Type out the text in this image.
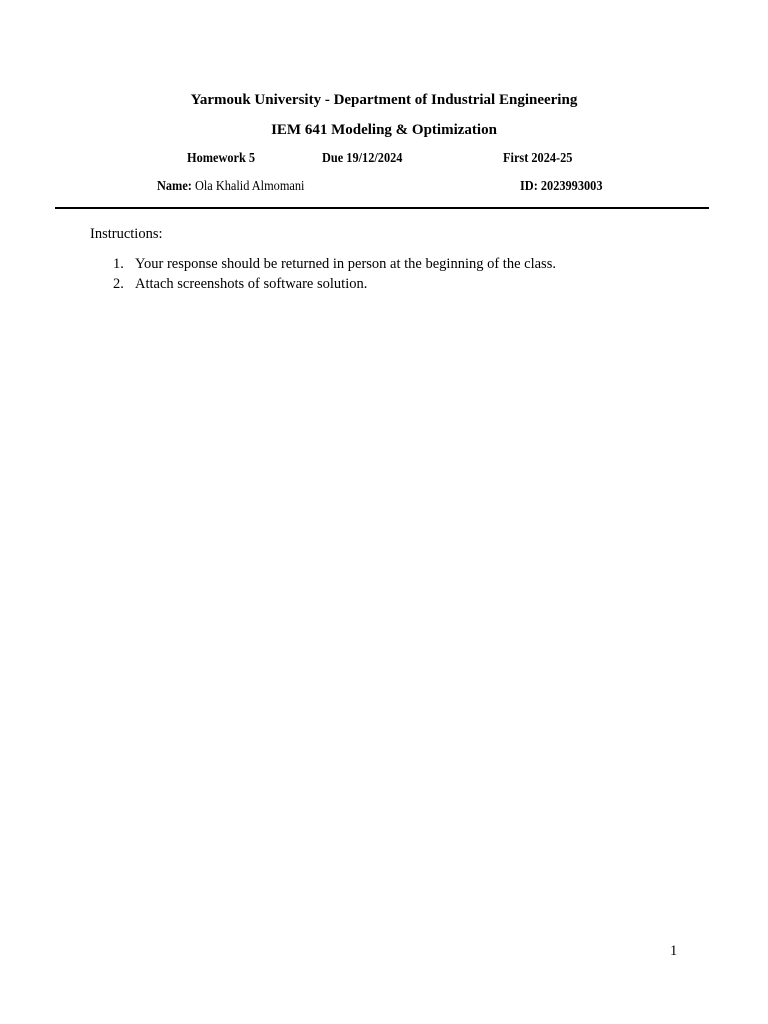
Yarmouk University - Department of Industrial Engineering
IEM 641 Modeling & Optimization
Homework 5	Due 19/12/2024	First 2024-25
Name: Ola Khalid Almomani	ID: 2023993003
Instructions:
1. Your response should be returned in person at the beginning of the class.
2. Attach screenshots of software solution.
1
